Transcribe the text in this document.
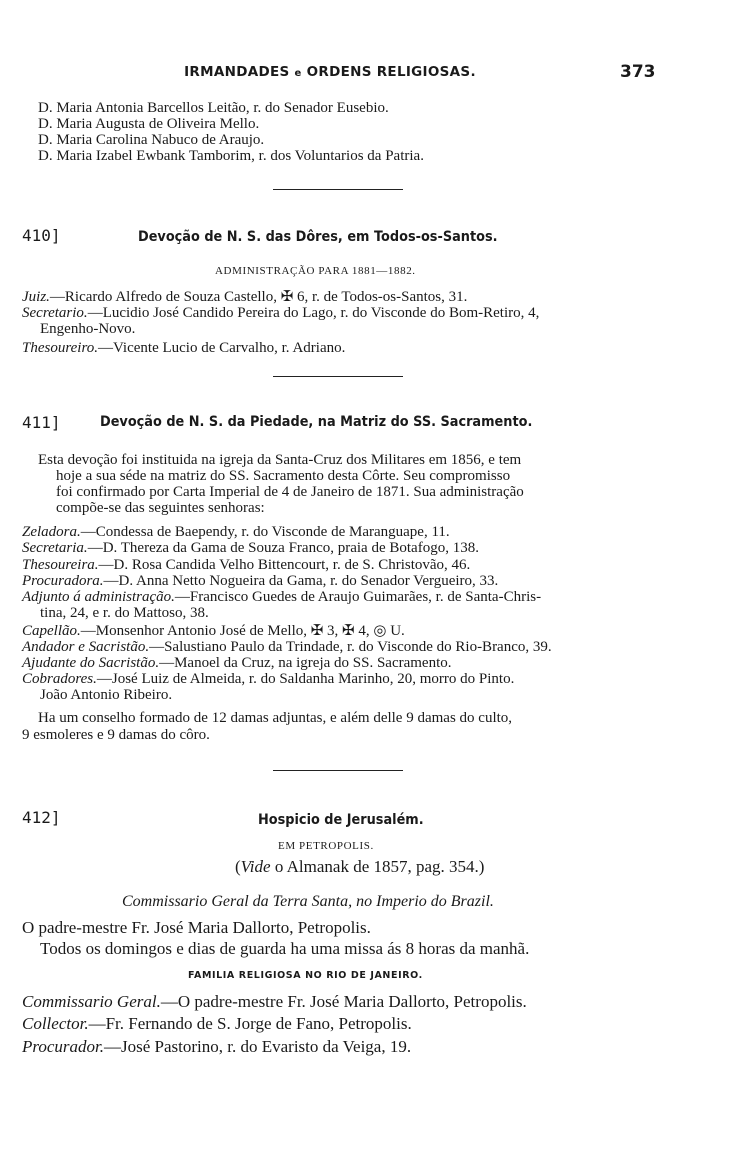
IRMANDADES e ORDENS RELIGIOSAS.	373
D. Maria Antonia Barcellos Leitão, r. do Senador Eusebio.
D. Maria Augusta de Oliveira Mello.
D. Maria Carolina Nabuco de Araujo.
D. Maria Izabel Ewbank Tamborim, r. dos Voluntarios da Patria.
410]	Devoção de N. S. das Dôres, em Todos-os-Santos.
ADMINISTRAÇÃO PARA 1881—1882.
Juiz.—Ricardo Alfredo de Souza Castello, ✠ 6, r. de Todos-os-Santos, 31.
Secretario.—Lucidio José Candido Pereira do Lago, r. do Visconde do Bom-Retiro, 4,
Engenho-Novo.
Thesoureiro.—Vicente Lucio de Carvalho, r. Adriano.
411]	Devoção de N. S. da Piedade, na Matriz do SS. Sacramento.
Esta devoção foi instituida na igreja da Santa-Cruz dos Militares em 1856, e tem
hoje a sua séde na matriz do SS. Sacramento desta Côrte. Seu compromisso
foi confirmado por Carta Imperial de 4 de Janeiro de 1871. Sua administração
compõe-se das seguintes senhoras:
Zeladora.—Condessa de Baependy, r. do Visconde de Maranguape, 11.
Secretaria.—D. Thereza da Gama de Souza Franco, praia de Botafogo, 138.
Thesoureira.—D. Rosa Candida Velho Bittencourt, r. de S. Christovão, 46.
Procuradora.—D. Anna Netto Nogueira da Gama, r. do Senador Vergueiro, 33.
Adjunto á administração.—Francisco Guedes de Araujo Guimarães, r. de Santa-Chris-
tina, 24, e r. do Mattoso, 38.
Capellão.—Monsenhor Antonio José de Mello, ✠ 3, ✠ 4, ◎ U.
Andador e Sacristão.—Salustiano Paulo da Trindade, r. do Visconde do Rio-Branco, 39.
Ajudante do Sacristão.—Manoel da Cruz, na igreja do SS. Sacramento.
Cobradores.—José Luiz de Almeida, r. do Saldanha Marinho, 20, morro do Pinto.
João Antonio Ribeiro.
Ha um conselho formado de 12 damas adjuntas, e além delle 9 damas do culto,
9 esmoleres e 9 damas do côro.
412]	Hospicio de Jerusalém.
EM PETROPOLIS.
(Vide o Almanak de 1857, pag. 354.)
Commissario Geral da Terra Santa, no Imperio do Brazil.
O padre-mestre Fr. José Maria Dallorto, Petropolis.
Todos os domingos e dias de guarda ha uma missa ás 8 horas da manhã.
FAMILIA RELIGIOSA NO RIO DE JANEIRO.
Commissario Geral.—O padre-mestre Fr. José Maria Dallorto, Petropolis.
Collector.—Fr. Fernando de S. Jorge de Fano, Petropolis.
Procurador.—José Pastorino, r. do Evaristo da Veiga, 19.
